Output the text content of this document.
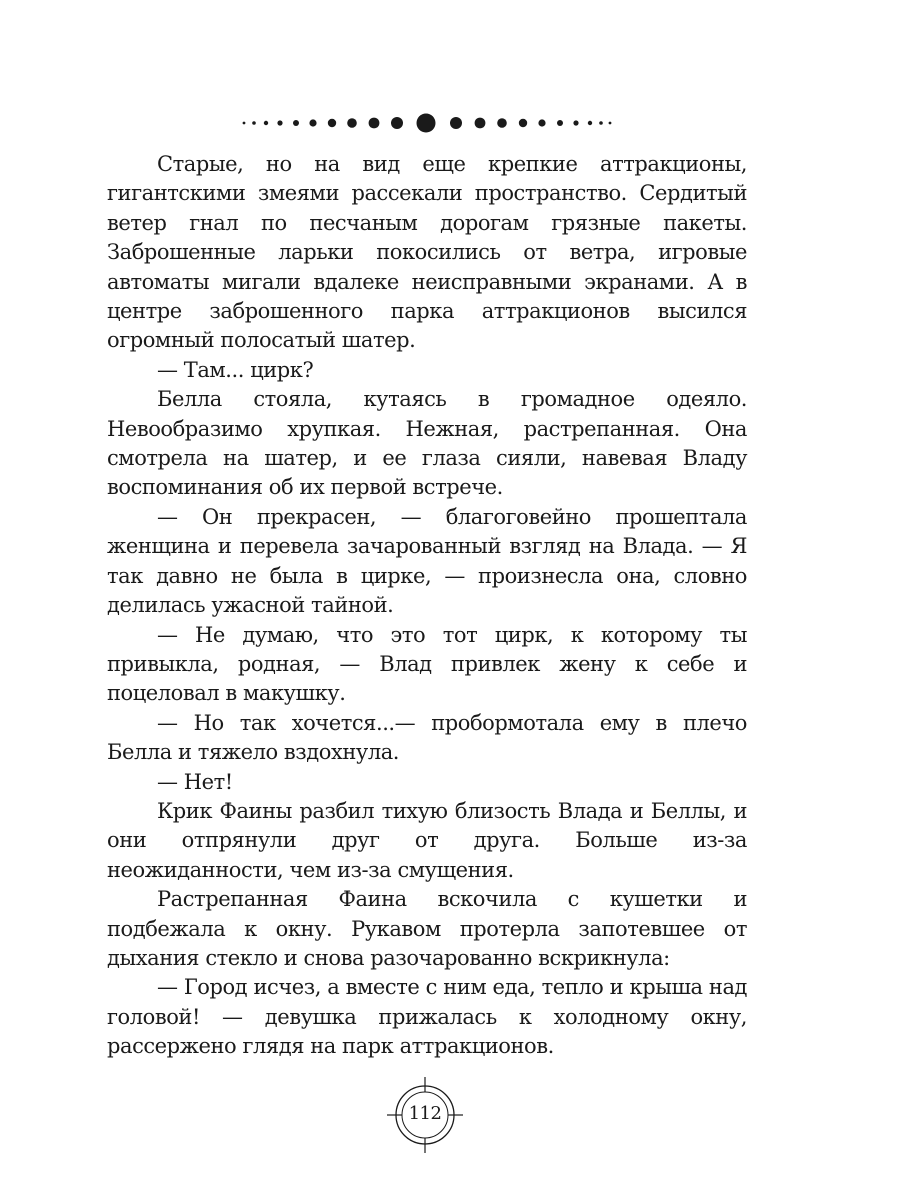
Старые, но на вид еще крепкие аттракционы, гигантскими змеями рассекали пространство. Сердитый ветер гнал по песчаным дорогам грязные пакеты. Заброшенные ларьки покосились от ветра, игровые автоматы мигали вдалеке неисправными экранами. А в центре заброшенного парка аттракционов высился огромный полосатый шатер.

— Там... цирк?

Белла стояла, кутаясь в громадное одеяло. Невообразимо хрупкая. Нежная, растрепанная. Она смотрела на шатер, и ее глаза сияли, навевая Владу воспоминания об их первой встрече.

— Он прекрасен, — благоговейно прошептала женщина и перевела зачарованный взгляд на Влада. — Я так давно не была в цирке, — произнесла она, словно делилась ужасной тайной.

— Не думаю, что это тот цирк, к которому ты привыкла, родная, — Влад привлек жену к себе и поцеловал в макушку.

— Но так хочется...— пробормотала ему в плечо Белла и тяжело вздохнула.

— Нет!

Крик Фаины разбил тихую близость Влада и Беллы, и они отпрянули друг от друга. Больше из-за неожиданности, чем из-за смущения.

Растрепанная Фаина вскочила с кушетки и подбежала к окну. Рукавом протерла запотевшее от дыхания стекло и снова разочарованно вскрикнула:

— Город исчез, а вместе с ним еда, тепло и крыша над головой! — девушка прижалась к холодному окну, рассержено глядя на парк аттракционов.

112
